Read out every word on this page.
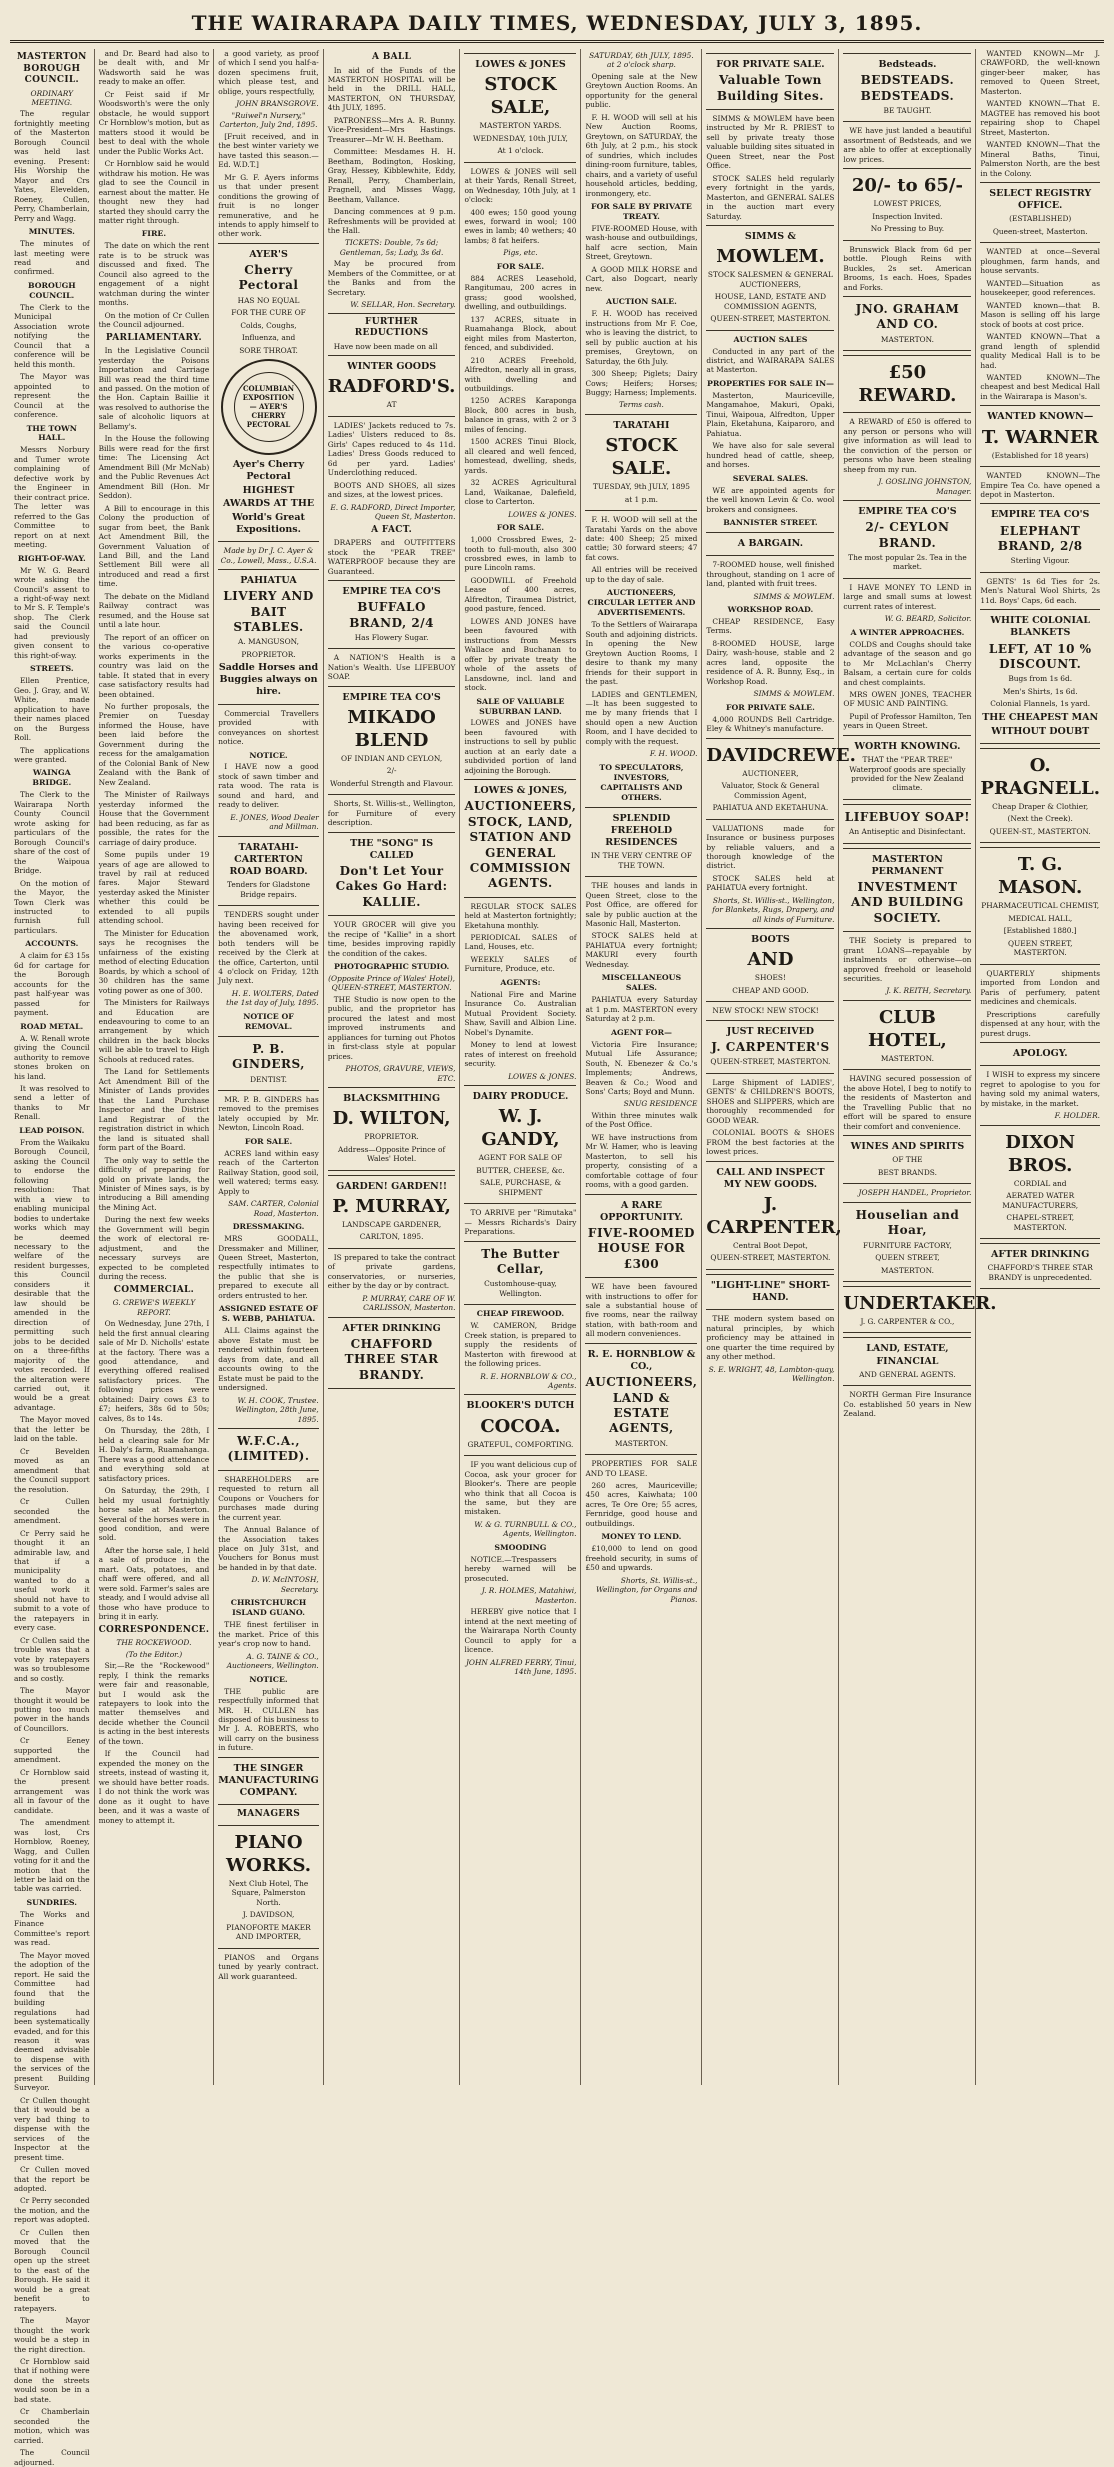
THE WAIRARAPA DAILY TIMES, WEDNESDAY, JULY 3, 1895.
MASTERTON BOROUGH COUNCIL.
ORDINARY MEETING.

The regular fortnightly meeting of the Masterton Borough Council was held last evening. Present: His Worship the Mayor and Crs Yates, Elevelden, Roeney, Cullen, Perry, Chamberlain, Perry and Wagg.

MINUTES.

The minutes of last meeting were read and confirmed.

BOROUGH COUNCIL.

The Clerk to the Municipal Association wrote notifying the Council that a conference will be held this month.

The Mayor was appointed to represent the Council at the conference.

THE TOWN HALL.

Messrs Norbury and Tumer wrote complaining of defective work by the Engineer in their contract price. The letter was referred to the Gas Committee to report on at next meeting.

RIGHT-OF-WAY.

Mr W. G. Beard wrote asking the Council's assent to a right-of-way next to Mr S. F. Temple's shop. The Clerk said the Council had previously given consent to this right-of-way.

STREETS.

Ellen Prentice, Geo. J. Gray, and W. White, made application to have their names placed on the Burgess Roll.

The applications were granted.

WAINGA BRIDGE.

The Clerk to the Wairarapa North County Council wrote asking for particulars of the Borough Council's share of the cost of the Waipoua Bridge.

On the motion of the Mayor, the Town Clerk was instructed to furnish full particulars.

ACCOUNTS.

A claim for £3 15s 6d for cartage for the Borough accounts for the past half-year was passed for payment.

ROAD METAL.

A. W. Renall wrote giving the Council authority to remove stones broken on his land.

It was resolved to send a letter of thanks to Mr Renall.

LEAD POISON.

From the Waikaku Borough Council, asking the Council to endorse the following resolution: That with a view to enabling municipal bodies to undertake works which may be deemed necessary to the welfare of the resident burgesses, this Council considers it desirable that the law should be amended in the direction of permitting such jobs to be decided on a three-fifths majority of the votes recorded. If the alteration were carried out, it would be a great advantage.

The Mayor moved that the letter be laid on the table.

Cr Bevelden moved as an amendment that the Council support the resolution.

Cr Cullen seconded the amendment.

Cr Perry said he thought it an admirable law, and that if a municipality wanted to do a useful work it should not have to submit to a vote of the ratepayers in every case.

Cr Cullen said the trouble was that a vote by ratepayers was so troublesome and so costly.

The Mayor thought it would be putting too much power in the hands of Councillors.

Cr Eeney supported the amendment.

Cr Hornblow said the present arrangement was all in favour of the candidate.

The amendment was lost, Crs Hornblow, Roeney, Wagg, and Cullen voting for it and the motion that the letter be laid on the table was carried.

SUNDRIES.

The Works and Finance Committee's report was read.

The Mayor moved the adoption of the report. He said the Committee had found that the building regulations had been systematically evaded, and for this reason it was deemed advisable to dispense with the services of the present Building Surveyor.

Cr Cullen thought that it would be a very bad thing to dispense with the services of the Inspector at the present time.

Cr Cullen moved that the report be adopted.

Cr Perry seconded the motion, and the report was adopted.

Cr Cullen then moved that the Borough Council open up the street to the east of the Borough. He said it would be a great benefit to ratepayers.

The Mayor thought the work would be a step in the right direction.

Cr Hornblow said that if nothing were done the streets would soon be in a bad state.

Cr Chamberlain seconded the motion, which was carried.

The Council adjourned.

and Dr. Beard had also to be dealt with, and Mr Wadsworth said he was ready to make an offer.

Cr Feist said if Mr Woodsworth's were the only obstacle, he would support Cr Hornblow's motion, but as matters stood it would be best to deal with the whole under the Public Works Act.

Cr Hornblow said he would withdraw his motion. He was glad to see the Council in earnest about the matter. He thought new they had started they should carry the matter right through.

FIRE.

The date on which the rent rate is to be struck was discussed and fixed. The Council also agreed to the engagement of a night watchman during the winter months.

On the motion of Cr Cullen the Council adjourned.

PARLIAMENTARY.

In the Legislative Council yesterday the Poisons Importation and Carriage Bill was read the third time and passed. On the motion of the Hon. Captain Baillie it was resolved to authorise the sale of alcoholic liquors at Bellamy's.

In the House the following Bills were read for the first time: The Licensing Act Amendment Bill (Mr McNab) and the Public Revenues Act Amendment Bill (Hon. Mr Seddon).

A Bill to encourage in this Colony the production of sugar from beet, the Bank Act Amendment Bill, the Government Valuation of Land Bill, and the Land Settlement Bill were all introduced and read a first time.

The debate on the Midland Railway contract was resumed, and the House sat until a late hour.

The report of an officer on the various co-operative works experiments in the country was laid on the table. It stated that in every case satisfactory results had been obtained.

No further proposals, the Premier on Tuesday informed the House, have been laid before the Government during the recess for the amalgamation of the Colonial Bank of New Zealand with the Bank of New Zealand.

The Minister of Railways yesterday informed the House that the Government had been reducing, as far as possible, the rates for the carriage of dairy produce.

Some pupils under 19 years of age are allowed to travel by rail at reduced fares. Major Steward yesterday asked the Minister whether this could be extended to all pupils attending school.

The Minister for Education says he recognises the unfairness of the existing method of electing Education Boards, by which a school of 30 children has the same voting power as one of 300.

The Ministers for Railways and Education are endeavouring to come to an arrangement by which children in the back blocks will be able to travel to High Schools at reduced rates.

The Land for Settlements Act Amendment Bill of the Minister of Lands provides that the Land Purchase Inspector and the District Land Registrar of the registration district in which the land is situated shall form part of the Board.

The only way to settle the difficulty of preparing for gold on private lands, the Minister of Mines says, is by introducing a Bill amending the Mining Act.

During the next few weeks the Government will begin the work of electoral re-adjustment, and the necessary surveys are expected to be completed during the recess.

COMMERCIAL.
G. CREWE'S WEEKLY REPORT.

On Wednesday, June 27th, I held the first annual clearing sale of Mr D. Nicholls' estate at the factory. There was a good attendance, and everything offered realised satisfactory prices. The following prices were obtained: Dairy cows £3 to £7; heifers, 38s 6d to 50s; calves, 8s to 14s.

On Thursday, the 28th, I held a clearing sale for Mr H. Daly's farm, Ruamahanga. There was a good attendance and everything sold at satisfactory prices.

On Saturday, the 29th, I held my usual fortnightly horse sale at Masterton. Several of the horses were in good condition, and were sold.

After the horse sale, I held a sale of produce in the mart. Oats, potatoes, and chaff were offered, and all were sold. Farmer's sales are steady, and I would advise all those who have produce to bring it in early.

CORRESPONDENCE.
THE ROCKEWOOD.
(To the Editor.)

Sir,—Re the "Rockewood" reply, I think the remarks were fair and reasonable, but I would ask the ratepayers to look into the matter themselves and decide whether the Council is acting in the best interests of the town.

If the Council had expended the money on the streets, instead of wasting it, we should have better roads. I do not think the work was done as it ought to have been, and it was a waste of money to attempt it.

a good variety, as proof of which I send you half-a-dozen specimens fruit, which please test, and oblige, yours respectfully,

JOHN BRANSGROVE.
"Ruiwel'n Nursery," Carterton, July 2nd, 1895.

[Fruit received, and in the best winter variety we have tasted this season.—Ed. W.D.T.]

Mr G. F. Ayers informs us that under present conditions the growing of fruit is no longer remunerative, and he intends to apply himself to other work.

AYER'S
Cherry Pectoral

HAS NO EQUAL

FOR THE CURE OF

Colds, Coughs,

Influenza, and

SORE THROAT.

COLUMBIAN EXPOSITION — AYER'S CHERRY PECTORAL
Ayer's Cherry Pectoral
HIGHEST AWARDS AT THE
World's Great Expositions.
Made by Dr J. C. Ayer & Co., Lowell, Mass., U.S.A.
PAHIATUA
LIVERY AND BAIT STABLES.

A. MANGUSON,

PROPRIETOR.

Saddle Horses and Buggies always on hire.

Commercial Travellers provided with conveyances on shortest notice.

NOTICE.

I HAVE now a good stock of sawn timber and rata wood. The rata is sound and hard, and ready to deliver.

E. JONES, Wood Dealer and Millman.
TARATAHI-CARTERTON ROAD BOARD.

Tenders for Gladstone Bridge repairs.

TENDERS sought under having been received for the abovenamed work, both tenders will be received by the Clerk at the office, Carterton, until 4 o'clock on Friday, 12th July next.

H. E. WOLTERS, Dated the 1st day of July, 1895.
NOTICE OF REMOVAL.
P. B. GINDERS,

DENTIST.

MR. P. B. GINDERS has removed to the premises lately occupied by Mr. Newton, Lincoln Road.

FOR SALE.

ACRES land within easy reach of the Carterton Railway Station, good soil, well watered; terms easy. Apply to

SAM. CARTER, Colonial Road, Masterton.
DRESSMAKING.

MRS GOODALL, Dressmaker and Milliner, Queen Street, Masterton, respectfully intimates to the public that she is prepared to execute all orders entrusted to her.

ASSIGNED ESTATE OF S. WEBB, PAHIATUA.

ALL Claims against the above Estate must be rendered within fourteen days from date, and all accounts owing to the Estate must be paid to the undersigned.

W. H. COOK, Trustee. Wellington, 28th June, 1895.
W.F.C.A., (LIMITED).

SHAREHOLDERS are requested to return all Coupons or Vouchers for purchases made during the current year.

The Annual Balance of the Association takes place on July 31st, and Vouchers for Bonus must be handed in by that date.

D. W. McINTOSH, Secretary.
CHRISTCHURCH ISLAND GUANO.

THE finest fertiliser in the market. Price of this year's crop now to hand.

A. G. TAINE & CO., Auctioneers, Wellington.
NOTICE.

THE public are respectfully informed that MR. H. CULLEN has disposed of his business to Mr J. A. ROBERTS, who will carry on the business in future.

THE SINGER MANUFACTURING COMPANY.
MANAGERS
PIANO WORKS.

Next Club Hotel, The Square, Palmerston North.

J. DAVIDSON,

PIANOFORTE MAKER AND IMPORTER,

PIANOS and Organs tuned by yearly contract. All work guaranteed.

A BALL

In aid of the Funds of the MASTERTON HOSPITAL will be held in the DRILL HALL, MASTERTON, ON THURSDAY, 4th JULY, 1895.

PATRONESS—Mrs A. R. Bunny. Vice-President—Mrs Hastings. Treasurer—Mr W. H. Beetham.

Committee: Mesdames H. H. Beetham, Bodington, Hosking, Gray, Hessey, Kibblewhite, Eddy, Renall, Perry, Chamberlain, Pragnell, and Misses Wagg, Beetham, Vallance.

Dancing commences at 9 p.m. Refreshments will be provided at the Hall.

TICKETS: Double, 7s 6d; Gentleman, 5s; Lady, 3s 6d.

May be procured from Members of the Committee, or at the Banks and from the Secretary.

W. SELLAR, Hon. Secretary.
FURTHER REDUCTIONS

Have now been made on all

WINTER GOODS
RADFORD'S.

AT

LADIES' Jackets reduced to 7s. Ladies' Ulsters reduced to 8s. Girls' Capes reduced to 4s 11d. Ladies' Dress Goods reduced to 6d per yard. Ladies' Underclothing reduced.

BOOTS AND SHOES, all sizes and sizes, at the lowest prices.

E. G. RADFORD, Direct Importer, Queen St, Masterton.
A FACT.

DRAPERS and OUTFITTERS stock the "PEAR TREE" WATERPROOF because they are Guaranteed.

EMPIRE TEA CO'S
BUFFALO BRAND, 2/4

Has Flowery Sugar.

A NATION'S Health is a Nation's Wealth. Use LIFEBUOY SOAP.

EMPIRE TEA CO'S
MIKADO BLEND

OF INDIAN AND CEYLON,

2/-

Wonderful Strength and Flavour.

Shorts, St. Willis-st., Wellington, for Furniture of every description.

THE "SONG" IS CALLED
Don't Let Your Cakes Go Hard: KALLIE.

YOUR GROCER will give you the recipe of "Kallie" in a short time, besides improving rapidly the condition of the cakes.

PHOTOGRAPHIC STUDIO.
(Opposite Prince of Wales' Hotel), QUEEN-STREET, MASTERTON.

THE Studio is now open to the public, and the proprietor has procured the latest and most improved instruments and appliances for turning out Photos in first-class style at popular prices.

PHOTOS, GRAVURE, VIEWS, ETC.
BLACKSMITHING
D. WILTON,

PROPRIETOR.

Address—Opposite Prince of Wales' Hotel.

GARDEN! GARDEN!!
P. MURRAY,

LANDSCAPE GARDENER,

CARLTON, 1895.

IS prepared to take the contract of private gardens, conservatories, or nurseries, either by the day or by contract.

P. MURRAY, CARE OF W. CARLISSON, Masterton.
AFTER DRINKING
CHAFFORD THREE STAR BRANDY.
LOWES & JONES
STOCK SALE,

MASTERTON YARDS.

WEDNESDAY, 10th JULY,

At 1 o'clock.

LOWES & JONES will sell at their Yards, Renall Street, on Wednesday, 10th July, at 1 o'clock:

400 ewes; 150 good young ewes, forward in wool; 100 ewes in lamb; 40 wethers; 40 lambs; 8 fat heifers.

Pigs, etc.
FOR SALE.

884 ACRES Leasehold, Rangitumau, 200 acres in grass; good woolshed, dwelling, and outbuildings.

137 ACRES, situate in Ruamahanga Block, about eight miles from Masterton, fenced, and subdivided.

210 ACRES Freehold, Alfredton, nearly all in grass, with dwelling and outbuildings.

1250 ACRES Karaponga Block, 800 acres in bush, balance in grass, with 2 or 3 miles of fencing.

1500 ACRES Tinui Block, all cleared and well fenced, homestead, dwelling, sheds, yards.

32 ACRES Agricultural Land, Waikanae, Dalefield, close to Carterton.

LOWES & JONES.
FOR SALE.

1,000 Crossbred Ewes, 2-tooth to full-mouth, also 300 crossbred ewes, in lamb to pure Lincoln rams.

GOODWILL of Freehold Lease of 400 acres, Alfredton, Tiraumea District, good pasture, fenced.

LOWES AND JONES have been favoured with instructions from Messrs Wallace and Buchanan to offer by private treaty the whole of the assets of Lansdowne, incl. land and stock.

SALE OF VALUABLE SUBURBAN LAND.

LOWES and JONES have been favoured with instructions to sell by public auction at an early date a subdivided portion of land adjoining the Borough.

LOWES & JONES,
AUCTIONEERS, STOCK, LAND, STATION AND GENERAL COMMISSION AGENTS.

REGULAR STOCK SALES held at Masterton fortnightly; Eketahuna monthly.

PERIODICAL SALES of Land, Houses, etc.

WEEKLY SALES of Furniture, Produce, etc.

AGENTS:

National Fire and Marine Insurance Co. Australian Mutual Provident Society. Shaw, Savill and Albion Line. Nobel's Dynamite.

Money to lend at lowest rates of interest on freehold security.

LOWES & JONES.
DAIRY PRODUCE.
W. J. GANDY,

AGENT FOR SALE OF

BUTTER, CHEESE, &c.

SALE, PURCHASE, & SHIPMENT

TO ARRIVE per "Rimutaka" — Messrs Richards's Dairy Preparations.

The Butter Cellar,

Customhouse-quay, Wellington.

CHEAP FIREWOOD.

W. CAMERON, Bridge Creek station, is prepared to supply the residents of Masterton with firewood at the following prices.

R. E. HORNBLOW & CO., Agents.
BLOOKER'S DUTCH
COCOA.

GRATEFUL, COMFORTING.

IF you want delicious cup of Cocoa, ask your grocer for Blooker's. There are people who think that all Cocoa is the same, but they are mistaken.

W. & G. TURNBULL & CO., Agents, Wellington.
SMOODING

NOTICE.—Trespassers hereby warned will be prosecuted.

J. R. HOLMES, Matahiwi, Masterton.

HEREBY give notice that I intend at the next meeting of the Wairarapa North County Council to apply for a licence.

JOHN ALFRED FERRY, Tinui, 14th June, 1895.
SATURDAY, 6th JULY, 1895. at 2 o'clock sharp.

Opening sale at the New Greytown Auction Rooms. An opportunity for the general public.

F. H. WOOD will sell at his New Auction Rooms, Greytown, on SATURDAY, the 6th July, at 2 p.m., his stock of sundries, which includes dining-room furniture, tables, chairs, and a variety of useful household articles, bedding, ironmongery, etc.

FOR SALE BY PRIVATE TREATY.

FIVE-ROOMED House, with wash-house and outbuildings, half acre section, Main Street, Greytown.

A GOOD MILK HORSE and Cart, also Dogcart, nearly new.

AUCTION SALE.

F. H. WOOD has received instructions from Mr F. Coe, who is leaving the district, to sell by public auction at his premises, Greytown, on Saturday, the 6th July.

300 Sheep; Piglets; Dairy Cows; Heifers; Horses; Buggy; Harness; Implements.

Terms cash.
TARATAHI
STOCK SALE.

TUESDAY, 9th JULY, 1895

at 1 p.m.

F. H. WOOD will sell at the Taratahi Yards on the above date: 400 Sheep; 25 mixed cattle; 30 forward steers; 47 fat cows.

All entries will be received up to the day of sale.

AUCTIONEERS, CIRCULAR LETTER AND ADVERTISEMENTS.

To the Settlers of Wairarapa South and adjoining districts. In opening the New Greytown Auction Rooms, I desire to thank my many friends for their support in the past.

LADIES and GENTLEMEN,—It has been suggested to me by many friends that I should open a new Auction Room, and I have decided to comply with the request.

F. H. WOOD.
TO SPECULATORS, INVESTORS, CAPITALISTS AND OTHERS.
SPLENDID FREEHOLD RESIDENCES

IN THE VERY CENTRE OF THE TOWN.

THE houses and lands in Queen Street, close to the Post Office, are offered for sale by public auction at the Masonic Hall, Masterton.

STOCK SALES held at PAHIATUA every fortnight; MAKURI every fourth Wednesday.

MISCELLANEOUS SALES.

PAHIATUA every Saturday at 1 p.m. MASTERTON every Saturday at 2 p.m.

AGENT FOR—

Victoria Fire Insurance; Mutual Life Assurance; South, N. Ebenezer & Co.'s Implements; Andrews, Beaven & Co.; Wood and Sons' Carts; Boyd and Munn.

SNUG RESIDENCE

Within three minutes walk of the Post Office.

WE have instructions from Mr W. Hamer, who is leaving Masterton, to sell his property, consisting of a comfortable cottage of four rooms, with a good garden.

A RARE OPPORTUNITY.
FIVE-ROOMED HOUSE FOR £300

WE have been favoured with instructions to offer for sale a substantial house of five rooms, near the railway station, with bath-room and all modern conveniences.

R. E. HORNBLOW & CO.,
AUCTIONEERS, LAND & ESTATE AGENTS,

MASTERTON.

PROPERTIES FOR SALE AND TO LEASE.

260 acres, Mauriceville; 450 acres, Kaiwhata; 100 acres, Te Ore Ore; 55 acres, Fernridge, good house and outbuildings.

MONEY TO LEND.

£10,000 to lend on good freehold security, in sums of £50 and upwards.

Shorts, St. Willis-st., Wellington, for Organs and Pianos.
FOR PRIVATE SALE.
Valuable Town Building Sites.

SIMMS & MOWLEM have been instructed by Mr R. PRIEST to sell by private treaty those valuable building sites situated in Queen Street, near the Post Office.

STOCK SALES held regularly every fortnight in the yards, Masterton, and GENERAL SALES in the auction mart every Saturday.

SIMMS &
MOWLEM.

STOCK SALESMEN & GENERAL AUCTIONEERS,

HOUSE, LAND, ESTATE AND COMMISSION AGENTS,

QUEEN-STREET, MASTERTON.

AUCTION SALES

Conducted in any part of the district, and WAIRARAPA SALES at Masterton.

PROPERTIES FOR SALE IN—

Masterton, Mauriceville, Mangamahoe, Makuri, Opaki, Tinui, Waipoua, Alfredton, Upper Plain, Eketahuna, Kaiparoro, and Pahiatua.

We have also for sale several hundred head of cattle, sheep, and horses.

SEVERAL SALES.

WE are appointed agents for the well known Levin & Co. wool brokers and consignees.

BANNISTER STREET.
A BARGAIN.

7-ROOMED house, well finished throughout, standing on 1 acre of land, planted with fruit trees.

SIMMS & MOWLEM.
WORKSHOP ROAD.

CHEAP RESIDENCE, Easy Terms.

8-ROOMED HOUSE, large Dairy, wash-house, stable and 2 acres land, opposite the residence of A. R. Bunny, Esq., in Workshop Road.

SIMMS & MOWLEM.
FOR PRIVATE SALE.

4,000 ROUNDS Bell Cartridge. Eley & Whitney's manufacture.

DAVIDCREWE.

AUCTIONEER,

Valuator, Stock & General Commission Agent,

PAHIATUA AND EKETAHUNA.

VALUATIONS made for Insurance or business purposes by reliable valuers, and a thorough knowledge of the district.

STOCK SALES held at PAHIATUA every fortnight.

Shorts, St. Willis-st., Wellington, for Blankets, Rugs, Drapery, and all kinds of Furniture.
BOOTS
AND

SHOES!

CHEAP AND GOOD.

NEW STOCK! NEW STOCK!

JUST RECEIVED
J. CARPENTER'S

QUEEN-STREET, MASTERTON.

Large Shipment of LADIES', GENTS' & CHILDREN'S BOOTS, SHOES and SLIPPERS, which are thoroughly recommended for GOOD WEAR.

COLONIAL BOOTS & SHOES FROM the best factories at the lowest prices.

CALL AND INSPECT MY NEW GOODS.
J. CARPENTER,

Central Boot Depot,

QUEEN-STREET, MASTERTON.

"LIGHT-LINE" SHORT-HAND.

THE modern system based on natural principles, by which proficiency may be attained in one quarter the time required by any other method.

S. E. WRIGHT, 48, Lambton-quay, Wellington.
Bedsteads.
BEDSTEADS. BEDSTEADS.

BE TAUGHT.

WE have just landed a beautiful assortment of Bedsteads, and we are able to offer at exceptionally low prices.

20/- to 65/-

LOWEST PRICES,

Inspection Invited.

No Pressing to Buy.

Brunswick Black from 6d per bottle. Plough Reins with Buckles, 2s set. American Brooms, 1s each. Hoes, Spades and Forks.

JNO. GRAHAM AND CO.

MASTERTON.

£50 REWARD.

A REWARD of £50 is offered to any person or persons who will give information as will lead to the conviction of the person or persons who have been stealing sheep from my run.

J. GOSLING JOHNSTON, Manager.
EMPIRE TEA CO'S
2/- CEYLON BRAND.

The most popular 2s. Tea in the market.

I HAVE MONEY TO LEND in large and small sums at lowest current rates of interest.

W. G. BEARD, Solicitor.
A WINTER APPROACHES.

COLDS and Coughs should take advantage of the season and go to Mr McLachlan's Cherry Balsam, a certain cure for colds and chest complaints.

MRS OWEN JONES, TEACHER OF MUSIC AND PAINTING.

Pupil of Professor Hamilton, Ten years in Queen Street.

WORTH KNOWING.

THAT the "PEAR TREE" Waterproof goods are specially provided for the New Zealand climate.

LIFEBUOY SOAP!

An Antiseptic and Disinfectant.

MASTERTON PERMANENT
INVESTMENT AND BUILDING SOCIETY.

THE Society is prepared to grant LOANS—repayable by instalments or otherwise—on approved freehold or leasehold securities.

J. K. REITH, Secretary.
CLUB HOTEL,

MASTERTON.

HAVING secured possession of the above Hotel, I beg to notify to the residents of Masterton and the Travelling Public that no effort will be spared to ensure their comfort and convenience.

WINES AND SPIRITS

OF THE

BEST BRANDS.

JOSEPH HANDEL, Proprietor.
Houselian and Hoar,

FURNITURE FACTORY,

QUEEN STREET,

MASTERTON.

UNDERTAKER.

J. G. CARPENTER & CO.,

LAND, ESTATE, FINANCIAL

AND GENERAL AGENTS.

NORTH German Fire Insurance Co. established 50 years in New Zealand.

WANTED KNOWN—Mr J. CRAWFORD, the well-known ginger-beer maker, has removed to Queen Street, Masterton.

WANTED KNOWN—That E. MAGTEE has removed his boot repairing shop to Chapel Street, Masterton.

WANTED KNOWN—That the Mineral Baths, Tinui, Palmerston North, are the best in the Colony.

SELECT REGISTRY OFFICE.

(ESTABLISHED)

Queen-street, Masterton.

WANTED at once—Several ploughmen, farm hands, and house servants.

WANTED—Situation as housekeeper, good references.

WANTED known—that B. Mason is selling off his large stock of boots at cost price.

WANTED KNOWN—That a grand length of splendid quality Medical Hall is to be had.

WANTED KNOWN—The cheapest and best Medical Hall in the Wairarapa is Mason's.

WANTED KNOWN—
T. WARNER

(Established for 18 years)

WANTED KNOWN—The Empire Tea Co. have opened a depot in Masterton.

EMPIRE TEA CO'S
ELEPHANT BRAND, 2/8

Sterling Vigour.

GENTS' 1s 6d Ties for 2s. Men's Natural Wool Shirts, 2s 11d. Boys' Caps, 6d each.

WHITE COLONIAL BLANKETS
LEFT, AT 10 % DISCOUNT.

Bugs from 1s 6d.

Men's Shirts, 1s 6d.

Colonial Flannels, 1s yard.

THE CHEAPEST MAN
WITHOUT DOUBT
O. PRAGNELL.

Cheap Draper & Clothier,

(Next the Creek).

QUEEN-ST., MASTERTON.

T. G. MASON.

PHARMACEUTICAL CHEMIST,

MEDICAL HALL,

[Established 1880.]

QUEEN STREET, MASTERTON.

QUARTERLY shipments imported from London and Paris of perfumery, patent medicines and chemicals.

Prescriptions carefully dispensed at any hour, with the purest drugs.

APOLOGY.

I WISH to express my sincere regret to apologise to you for having sold my animal waters, by mistake, in the market.

F. HOLDER.
DIXON BROS.

CORDIAL and

AERATED WATER MANUFACTURERS,

CHAPEL-STREET, MASTERTON.

AFTER DRINKING

CHAFFORD'S THREE STAR BRANDY is unprecedented.
